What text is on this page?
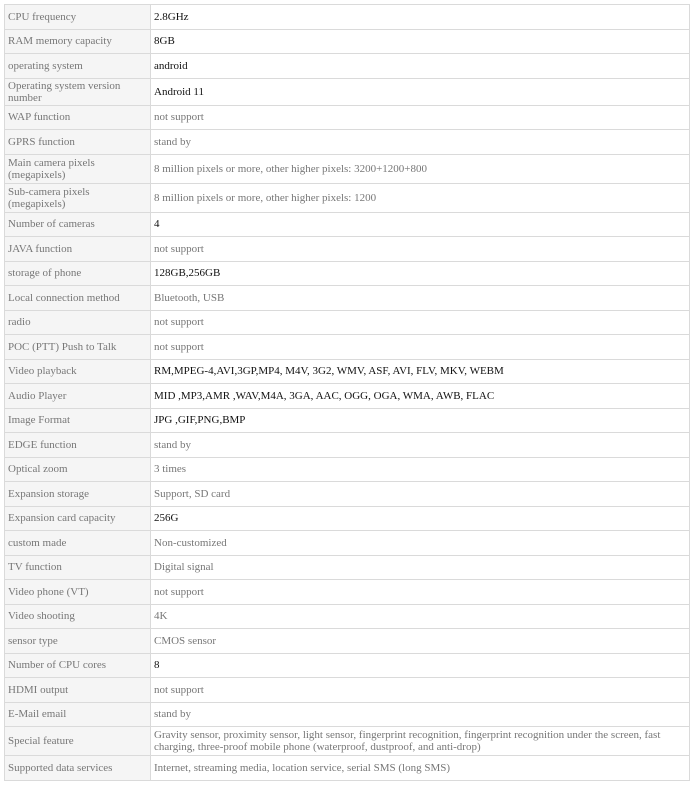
CPU frequency	2.8GHz
RAM memory capacity	8GB
operating system	android
Operating system version number	Android 11
WAP function	not support
GPRS function	stand by
Main camera pixels (megapixels)	8 million pixels or more, other higher pixels: 3200+1200+800
Sub-camera pixels (megapixels)	8 million pixels or more, other higher pixels: 1200
Number of cameras	4
JAVA function	not support
storage of phone	128GB,256GB
Local connection method	Bluetooth, USB
radio	not support
POC (PTT) Push to Talk	not support
Video playback	RM,MPEG-4,AVI,3GP,MP4, M4V, 3G2, WMV, ASF, AVI, FLV, MKV, WEBM
Audio Player	MID ,MP3,AMR ,WAV,M4A, 3GA, AAC, OGG, OGA, WMA, AWB, FLAC
Image Format	JPG ,GIF,PNG,BMP
EDGE function	stand by
Optical zoom	3 times
Expansion storage	Support, SD card
Expansion card capacity	256G
custom made	Non-customized
TV function	Digital signal
Video phone (VT)	not support
Video shooting	4K
sensor type	CMOS sensor
Number of CPU cores	8
HDMI output	not support
E-Mail email	stand by
Special feature	Gravity sensor, proximity sensor, light sensor, fingerprint recognition, fingerprint recognition under the screen, fast charging, three-proof mobile phone (waterproof, dustproof, and anti-drop)
Supported data services	Internet, streaming media, location service, serial SMS (long SMS)
